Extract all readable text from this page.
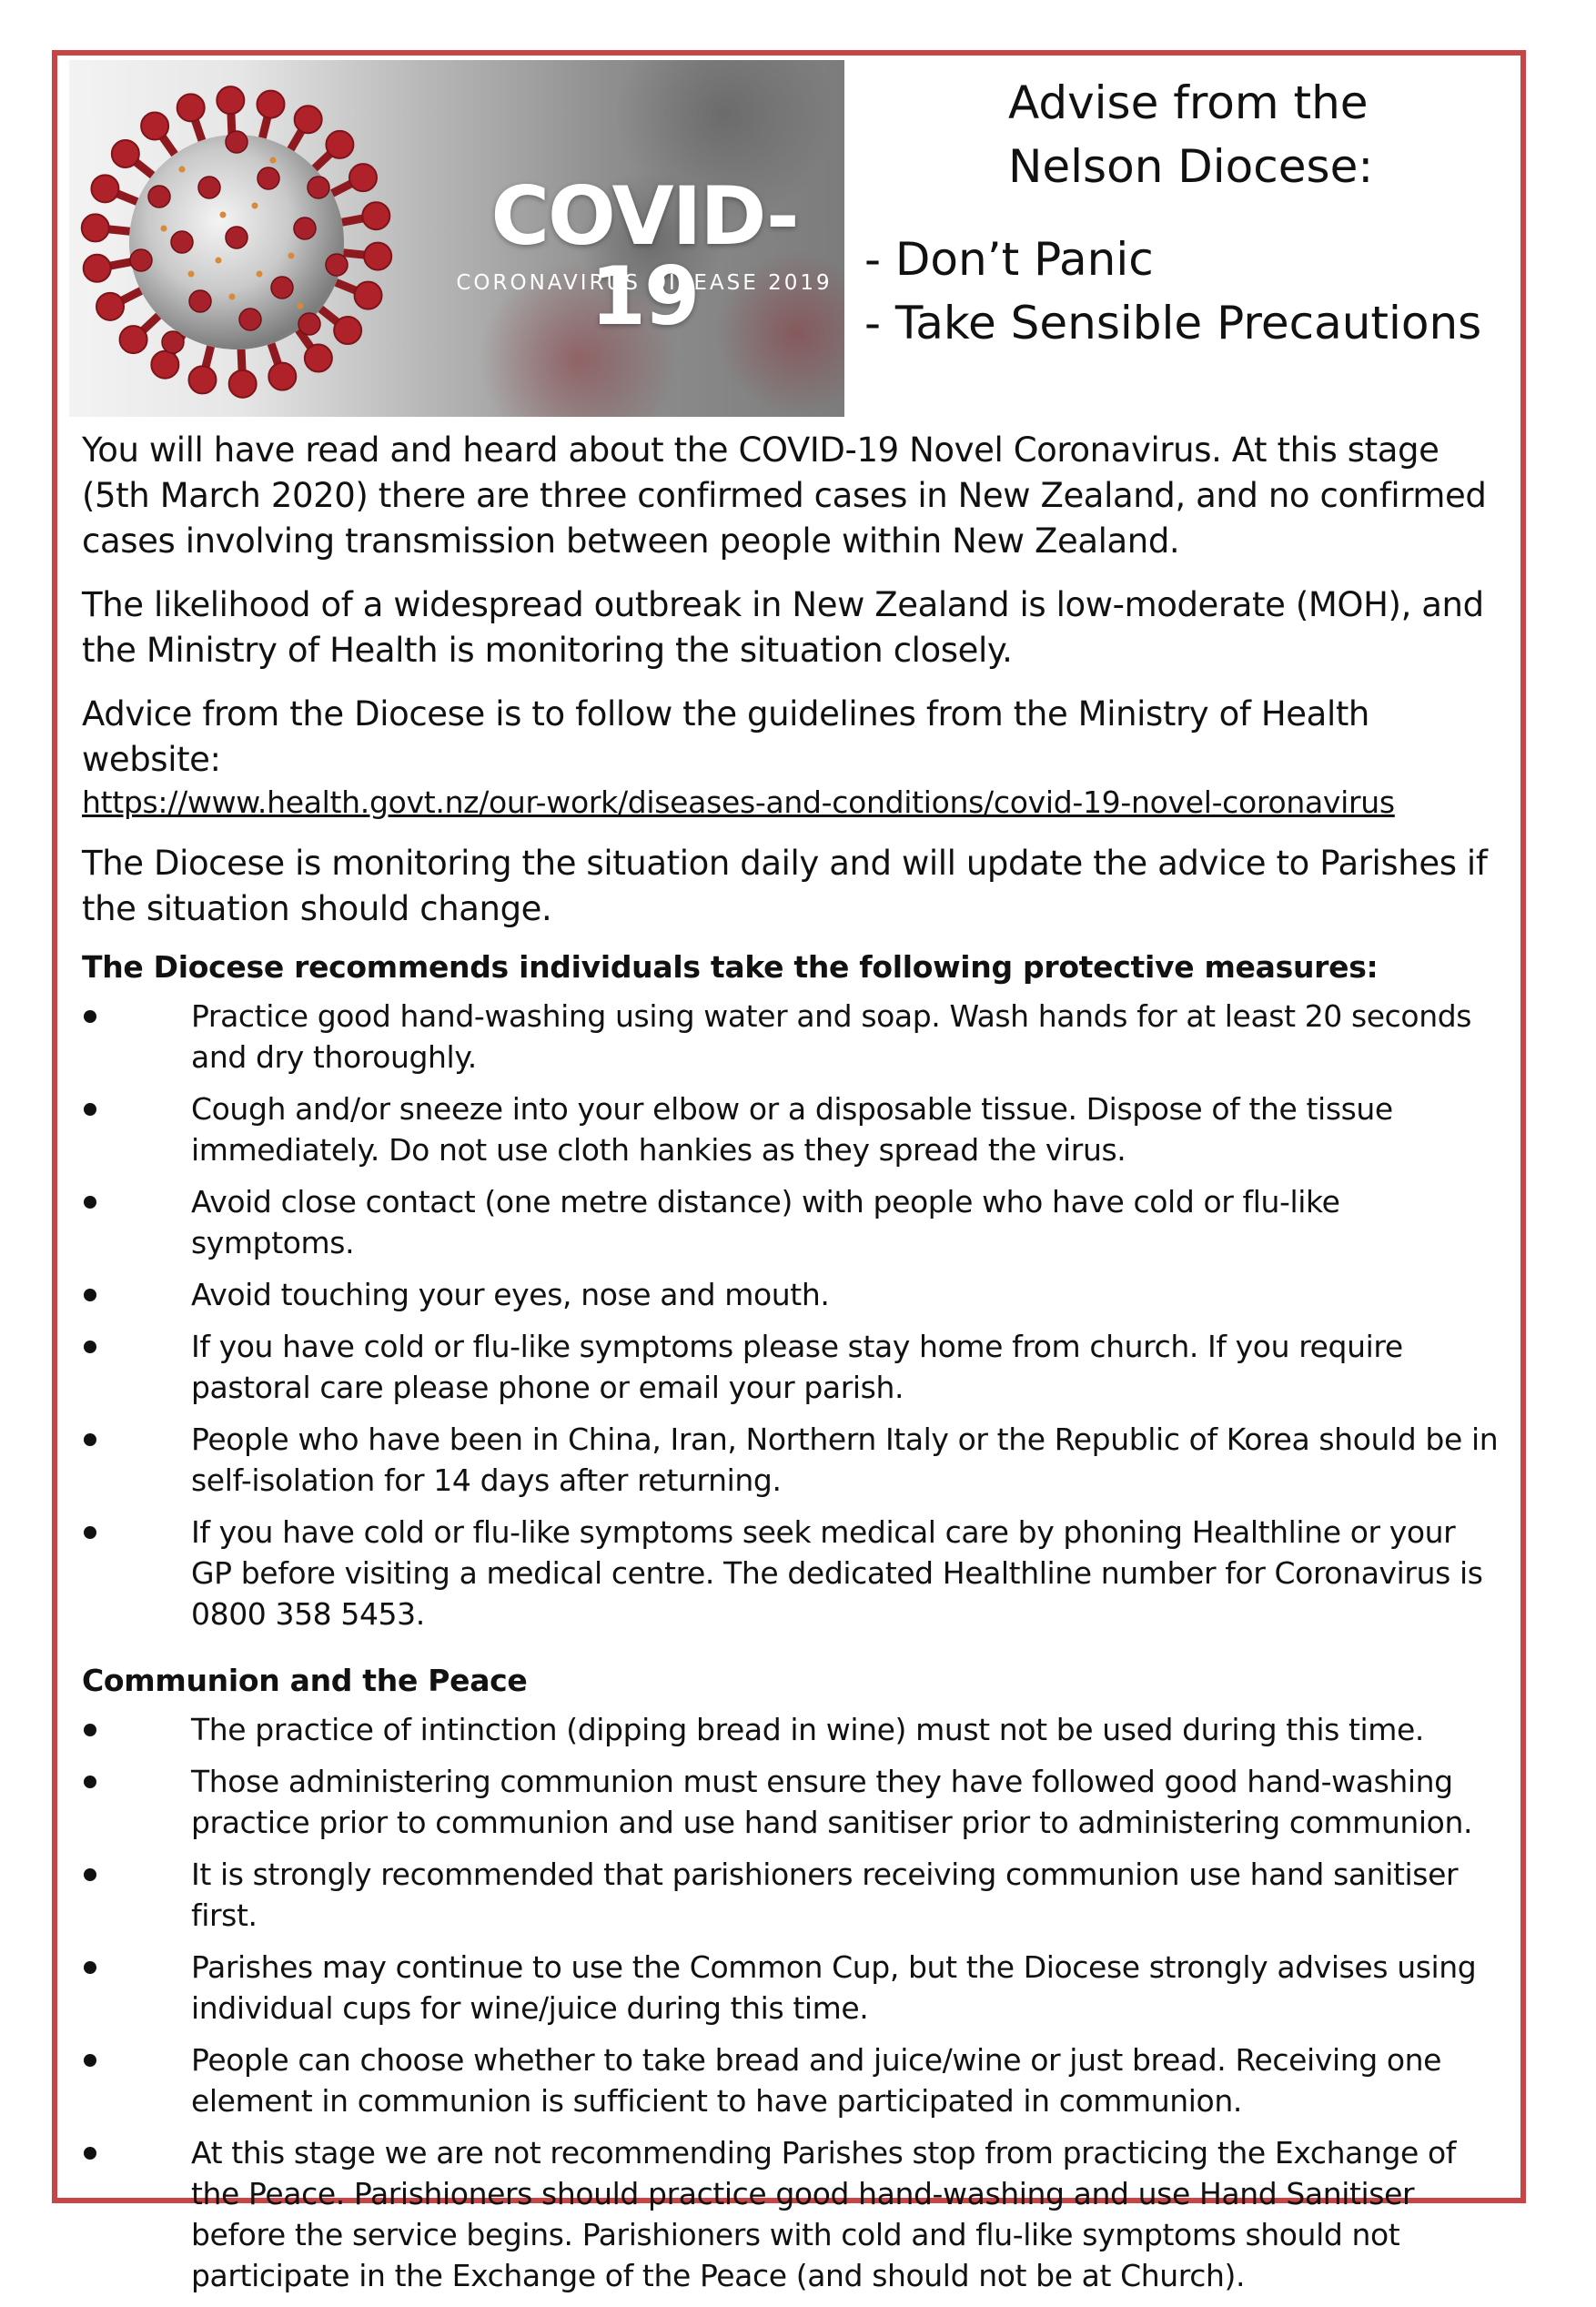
COVID-19
CORONAVIRUS DISEASE 2019
Advise from the
Nelson Diocese:
- Don’t Panic
- Take Sensible Precautions

You will have read and heard about the COVID-19 Novel Coronavirus. At this stage (5th March 2020) there are three confirmed cases in New Zealand, and no confirmed cases involving transmission between people within New Zealand.

The likelihood of a widespread outbreak in New Zealand is low-moderate (MOH), and the Ministry of Health is monitoring the situation closely.

Advice from the Diocese is to follow the guidelines from the Ministry of Health website:

https://www.health.govt.nz/our-work/diseases-and-conditions/covid-19-novel-coronavirus

The Diocese is monitoring the situation daily and will update the advice to Parishes if the situation should change.

The Diocese recommends individuals take the following protective measures:
Practice good hand-washing using water and soap. Wash hands for at least 20 seconds and dry thoroughly.
Cough and/or sneeze into your elbow or a disposable tissue. Dispose of the tissue immediately. Do not use cloth hankies as they spread the virus.
Avoid close contact (one metre distance) with people who have cold or flu-like symptoms.
Avoid touching your eyes, nose and mouth.
If you have cold or flu-like symptoms please stay home from church. If you require pastoral care please phone or email your parish.
People who have been in China, Iran, Northern Italy or the Republic of Korea should be in self-isolation for 14 days after returning.
If you have cold or flu-like symptoms seek medical care by phoning Healthline or your GP before visiting a medical centre. The dedicated Healthline number for Coronavirus is 0800 358 5453.
Communion and the Peace
The practice of intinction (dipping bread in wine) must not be used during this time.
Those administering communion must ensure they have followed good hand-washing practice prior to communion and use hand sanitiser prior to administering communion.
It is strongly recommended that parishioners receiving communion use hand sanitiser first.
Parishes may continue to use the Common Cup, but the Diocese strongly advises using individual cups for wine/juice during this time.
People can choose whether to take bread and juice/wine or just bread. Receiving one element in communion is sufficient to have participated in communion.
At this stage we are not recommending Parishes stop from practicing the Exchange of the Peace. Parishioners should practice good hand-washing and use Hand Sanitiser before the service begins. Parishioners with cold and flu-like symptoms should not participate in the Exchange of the Peace (and should not be at Church).
